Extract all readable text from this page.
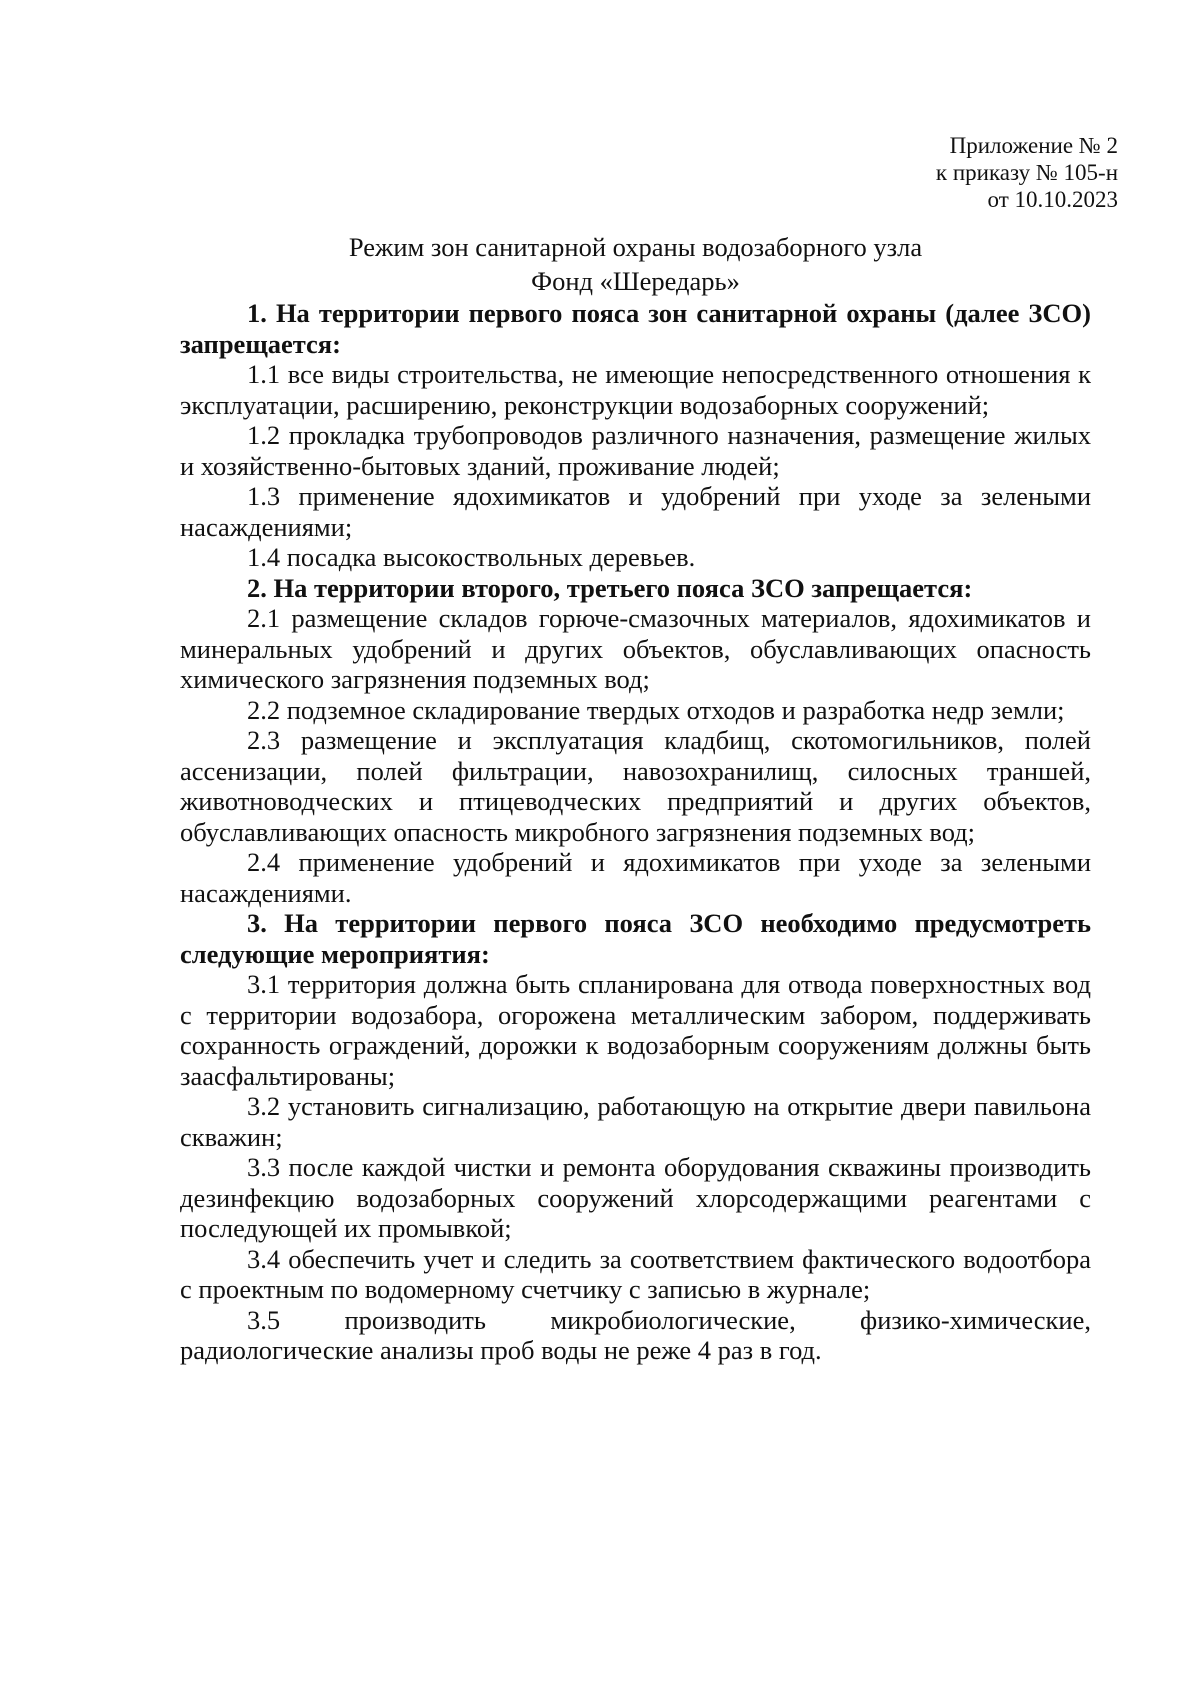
Приложение № 2
к приказу № 105-н
от 10.10.2023
Режим зон санитарной охраны водозаборного узла
Фонд «Шередарь»

1. На территории первого пояса зон санитарной охраны (далее ЗСО) запрещается:

1.1 все виды строительства, не имеющие непосредственного отношения к эксплуатации, расширению, реконструкции водозаборных сооружений;

1.2 прокладка трубопроводов различного назначения, размещение жилых и хозяйственно-бытовых зданий, проживание людей;

1.3 применение ядохимикатов и удобрений при уходе за зелеными насаждениями;

1.4 посадка высокоствольных деревьев.

2. На территории второго, третьего пояса ЗСО запрещается:

2.1 размещение складов горюче-смазочных материалов, ядохимикатов и минеральных удобрений и других объектов, обуславливающих опасность химического загрязнения подземных вод;

2.2 подземное складирование твердых отходов и разработка недр земли;

2.3 размещение и эксплуатация кладбищ, скотомогильников, полей ассенизации, полей фильтрации, навозохранилищ, силосных траншей, животноводческих и птицеводческих предприятий и других объектов, обуславливающих опасность микробного загрязнения подземных вод;

2.4 применение удобрений и ядохимикатов при уходе за зелеными насаждениями.

3. На территории первого пояса ЗСО необходимо предусмотреть следующие мероприятия:

3.1 территория должна быть спланирована для отвода поверхностных вод с территории водозабора, огорожена металлическим забором, поддерживать сохранность ограждений, дорожки к водозаборным сооружениям должны быть заасфальтированы;

3.2 установить сигнализацию, работающую на открытие двери павильона скважин;

3.3 после каждой чистки и ремонта оборудования скважины производить дезинфекцию водозаборных сооружений хлорсодержащими реагентами с последующей их промывкой;

3.4 обеспечить учет и следить за соответствием фактического водоотбора с проектным по водомерному счетчику с записью в журнале;

3.5 производить микробиологические, физико-химические, радиологические анализы проб воды не реже 4 раз в год.
